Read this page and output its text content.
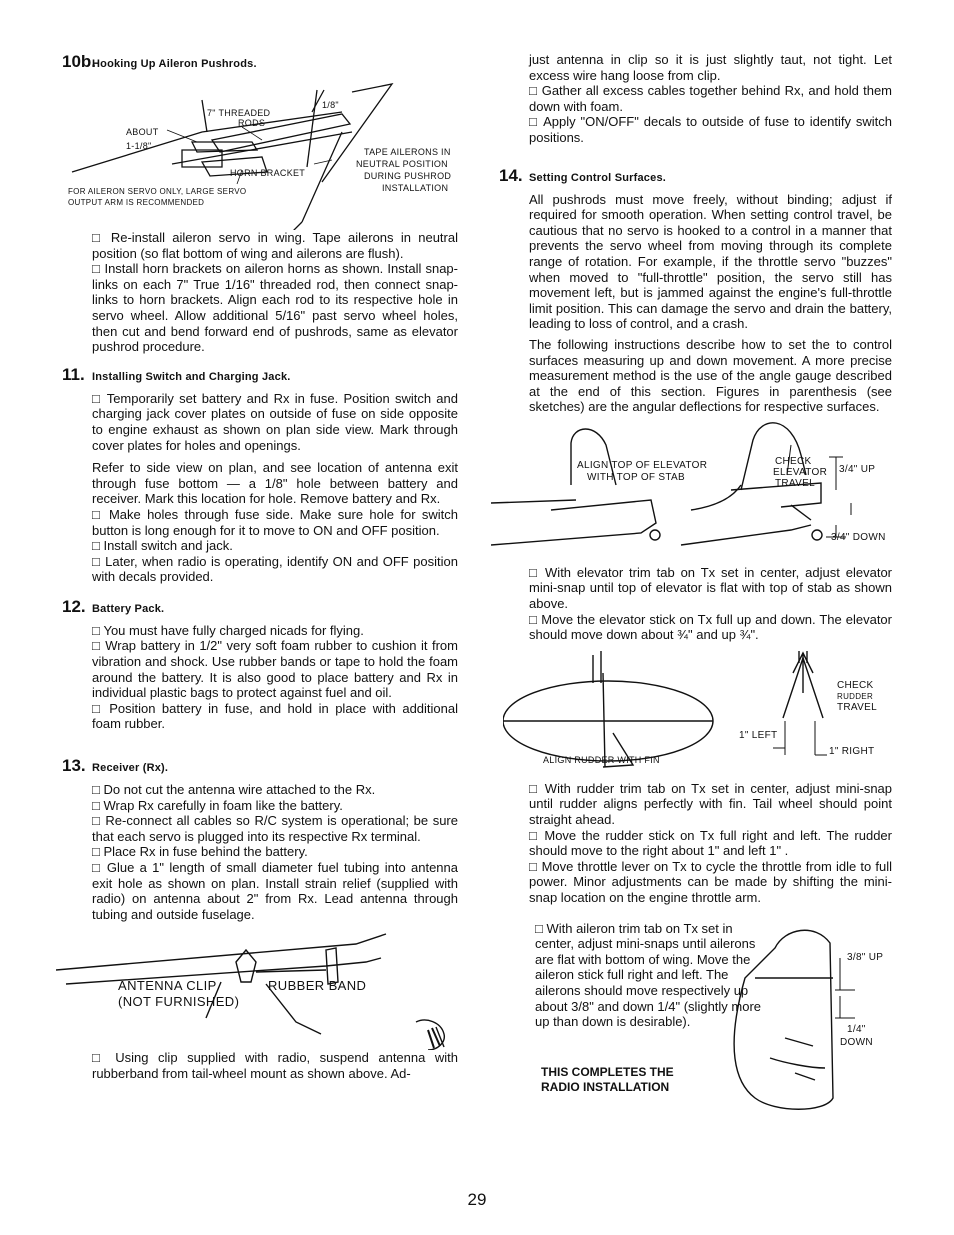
10b.
Hooking Up Aileron Pushrods.
7" THREADED
RODS
1/8"
ABOUT
1-1/8"
HORN BRACKET
TAPE AILERONS IN
NEUTRAL POSITION
DURING PUSHROD
INSTALLATION
FOR AILERON SERVO ONLY, LARGE SERVO
OUTPUT ARM IS RECOMMENDED

□ Re-install aileron servo in wing. Tape ailerons in neutral position (so flat bottom of wing and ailerons are flush).

□ Install horn brackets on aileron horns as shown. Install snap-links on each 7" True 1/16" threaded rod, then connect snap-links to horn brackets. Align each rod to its respective hole in servo wheel. Allow additional 5/16" past servo wheel holes, then cut and bend forward end of pushrods, same as elevator pushrod procedure.

11. Installing Switch and Charging Jack.

□ Temporarily set battery and Rx in fuse. Position switch and charging jack cover plates on outside of fuse on side opposite to engine exhaust as shown on plan side view. Mark through cover plates for holes and openings.

Refer to side view on plan, and see location of antenna exit through fuse bottom — a 1/8" hole between battery and receiver. Mark this location for hole. Remove battery and Rx.

□ Make holes through fuse side. Make sure hole for switch button is long enough for it to move to ON and OFF position.

□ Install switch and jack.

□ Later, when radio is operating, identify ON and OFF position with decals provided.

12. Battery Pack.

□ You must have fully charged nicads for flying.

□ Wrap battery in 1/2" very soft foam rubber to cushion it from vibration and shock. Use rubber bands or tape to hold the foam around the battery. It is also good to place battery and Rx in individual plastic bags to protect against fuel and oil.

□ Position battery in fuse, and hold in place with additional foam rubber.

13. Receiver (Rx).

□ Do not cut the antenna wire attached to the Rx.

□ Wrap Rx carefully in foam like the battery.

□ Re-connect all cables so R/C system is operational; be sure that each servo is plugged into its respective Rx terminal.

□ Place Rx in fuse behind the battery.

□ Glue a 1" length of small diameter fuel tubing into antenna exit hole as shown on plan. Install strain relief (supplied with radio) on antenna about 2" from Rx. Lead antenna through tubing and outside fuselage.

ANTENNA CLIP
(NOT FURNISHED)
RUBBER BAND

□ Using clip supplied with radio, suspend antenna with rubberband from tail-wheel mount as shown above. Ad-

just antenna in clip so it is just slightly taut, not tight. Let excess wire hang loose from clip.

□ Gather all excess cables together behind Rx, and hold them down with foam.

□ Apply "ON/OFF" decals to outside of fuse to identify switch positions.

14. Setting Control Surfaces.

All pushrods must move freely, without binding; adjust if required for smooth operation. When setting control travel, be cautious that no servo is hooked to a control in a manner that prevents the servo wheel from moving through its complete range of rotation. For example, if the throttle servo "buzzes" when moved to "full-throttle" position, the servo still has movement left, but is jammed against the engine's full-throttle limit position. This can damage the servo and drain the battery, leading to loss of control, and a crash.

The following instructions describe how to set the to control surfaces measuring up and down movement. A more precise measurement method is the use of the angle gauge described at the end of this section. Figures in parenthesis (see sketches) are the angular deflections for respective surfaces.

ALIGN TOP OF ELEVATOR
WITH TOP OF STAB
CHECK
ELEVATOR
TRAVEL
3/4" UP
3/4" DOWN

□ With elevator trim tab on Tx set in center, adjust elevator mini-snap until top of elevator is flat with top of stab as shown above.

□ Move the elevator stick on Tx full up and down. The elevator should move down about ¾" and up ¾".

CHECK
RUDDER
TRAVEL
1" LEFT
1" RIGHT
ALIGN RUDDER WITH FIN

□ With rudder trim tab on Tx set in center, adjust mini-snap until rudder aligns perfectly with fin. Tail wheel should point straight ahead.

□ Move the rudder stick on Tx full right and left. The rudder should move to the right about 1" and left 1" .

□ Move throttle lever on Tx to cycle the throttle from idle to full power. Minor adjustments can be made by shifting the mini-snap location on the engine throttle arm.

□ With aileron trim tab on Tx set in center, adjust mini-snaps until ailerons are flat with bottom of wing. Move the aileron stick full right and left. The ailerons should move respectively up about 3/8" and down 1/4" (slightly more up than down is desirable).

3/8" UP
1/4"
DOWN
THIS COMPLETES THE
RADIO INSTALLATION
29
